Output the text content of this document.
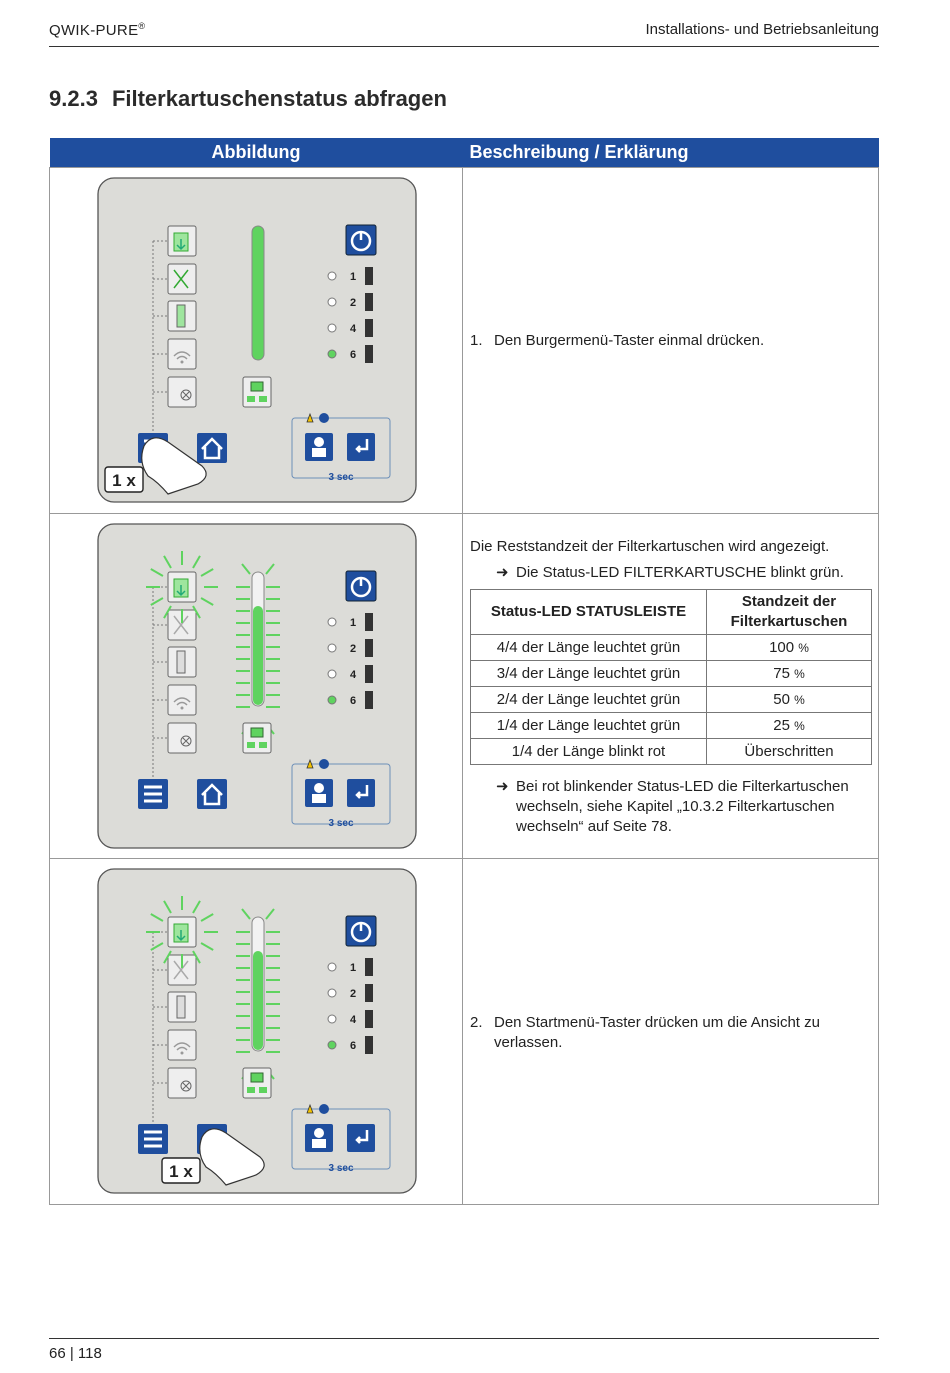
QWIK-PURE®	Installations- und Betriebsanleitung
9.2.3 Filterkartuschenstatus abfragen
Abbildung	Beschreibung / Erklärung

1
2
4
6
3 sec
1 x

1. Den Burgermenü-Taster einmal drücken.

1
2
4
6
3 sec

Die Reststandzeit der Filterkartuschen wird angezeigt.
➜ Die Status-LED FILTERKARTUSCHE blinkt grün.
Status-LED STATUSLEISTE	Standzeit der
Filterkartuschen
4/4 der Länge leuchtet grün	100 %
3/4 der Länge leuchtet grün	75 %
2/4 der Länge leuchtet grün	50 %
1/4 der Länge leuchtet grün	25 %
1/4 der Länge blinkt rot	Überschritten
➜ Bei rot blinkender Status-LED die Filterkartuschen wechseln, siehe Kapitel „10.3.2 Filterkartuschen wechseln“ auf Seite 78.

1
2
4
6
3 sec
1 x

2. Den Startmenü-Taster drücken um die Ansicht zu verlassen.
66 | 118
